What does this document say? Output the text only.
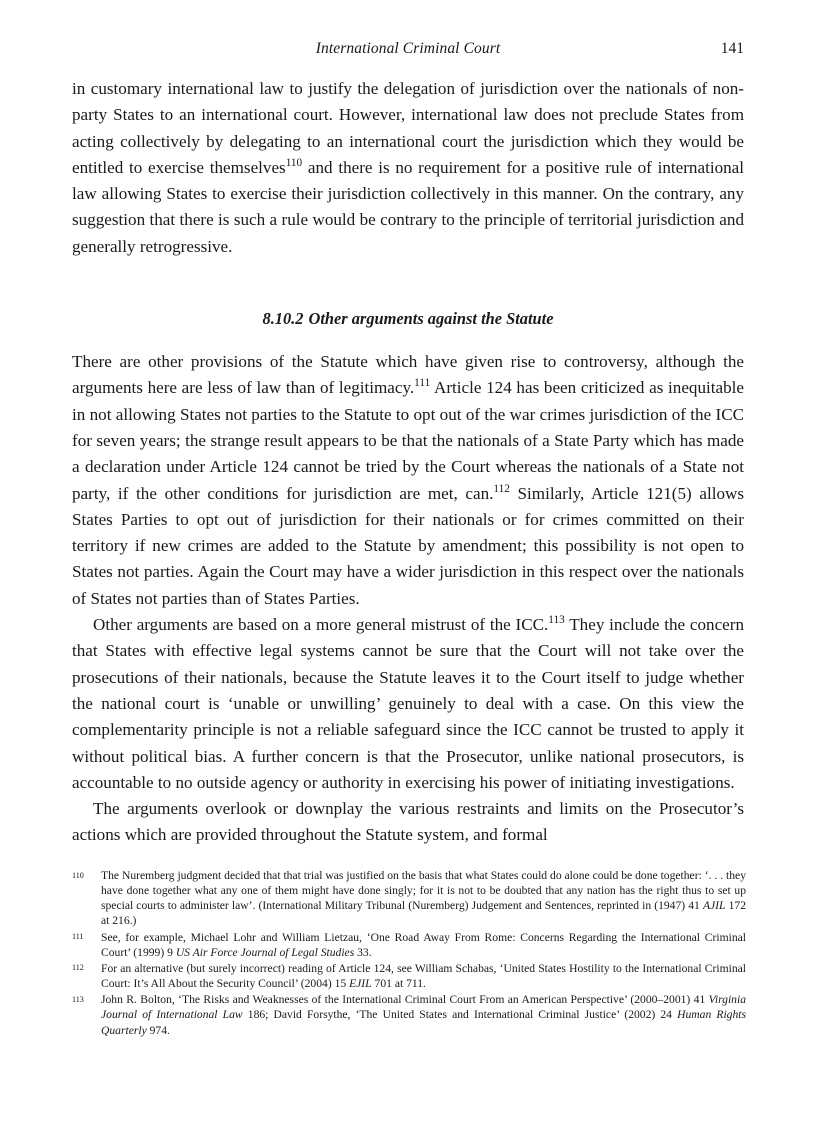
International Criminal Court	141

in customary international law to justify the delegation of jurisdiction over the nationals of non-party States to an international court. However, international law does not preclude States from acting collectively by delegating to an international court the jurisdiction which they would be entitled to exercise themselves$^{110}$ and there is no requirement for a positive rule of international law allowing States to exercise their jurisdiction collectively in this manner. On the contrary, any suggestion that there is such a rule would be contrary to the principle of territorial jurisdiction and generally retrogressive.

8.10.2 Other arguments against the Statute

There are other provisions of the Statute which have given rise to controversy, although the arguments here are less of law than of legitimacy.$^{111}$ Article 124 has been criticized as inequitable in not allowing States not parties to the Statute to opt out of the war crimes jurisdiction of the ICC for seven years; the strange result appears to be that the nationals of a State Party which has made a declaration under Article 124 cannot be tried by the Court whereas the nationals of a State not party, if the other conditions for jurisdiction are met, can.$^{112}$ Similarly, Article 121(5) allows States Parties to opt out of jurisdiction for their nationals or for crimes committed on their territory if new crimes are added to the Statute by amendment; this possibility is not open to States not parties. Again the Court may have a wider jurisdiction in this respect over the nationals of States not parties than of States Parties.

Other arguments are based on a more general mistrust of the ICC.$^{113}$ They include the concern that States with effective legal systems cannot be sure that the Court will not take over the prosecutions of their nationals, because the Statute leaves it to the Court itself to judge whether the national court is ‘unable or unwilling’ genuinely to deal with a case. On this view the complementarity principle is not a reliable safeguard since the ICC cannot be trusted to apply it without political bias. A further concern is that the Prosecutor, unlike national prosecutors, is accountable to no outside agency or authority in exercising his power of initiating investigations.

The arguments overlook or downplay the various restraints and limits on the Prosecutor’s actions which are provided throughout the Statute system, and formal

110	The Nuremberg judgment decided that that trial was justified on the basis that what States could do alone could be done together: ‘. . . they have done together what any one of them might have done singly; for it is not to be doubted that any nation has the right thus to set up special courts to administer law’. (International Military Tribunal (Nuremberg) Judgement and Sentences, reprinted in (1947) 41 AJIL 172 at 216.)
111	See, for example, Michael Lohr and William Lietzau, ‘One Road Away From Rome: Concerns Regarding the International Criminal Court’ (1999) 9 US Air Force Journal of Legal Studies 33.
112	For an alternative (but surely incorrect) reading of Article 124, see William Schabas, ‘United States Hostility to the International Criminal Court: It’s All About the Security Council’ (2004) 15 EJIL 701 at 711.
113	John R. Bolton, ‘The Risks and Weaknesses of the International Criminal Court From an American Perspective’ (2000–2001) 41 Virginia Journal of International Law 186; David Forsythe, ‘The United States and International Criminal Justice’ (2002) 24 Human Rights Quarterly 974.
